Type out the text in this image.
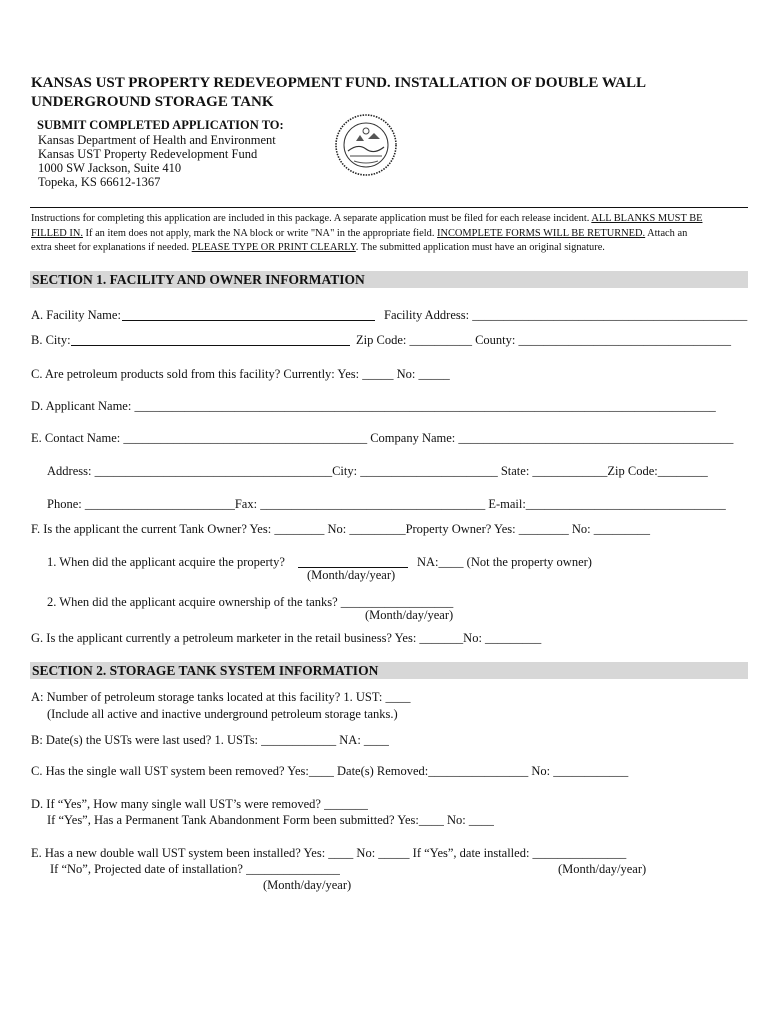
KANSAS UST PROPERTY REDEVEOPMENT FUND. INSTALLATION OF DOUBLE WALL
UNDERGROUND STORAGE TANK
SUBMIT COMPLETED APPLICATION TO:
Kansas Department of Health and Environment
Kansas UST Property Redevelopment Fund
1000 SW Jackson, Suite 410
Topeka, KS 66612-1367
Instructions for completing this application are included in this package. A separate application must be filed for each release incident. ALL BLANKS MUST BE
FILLED IN. If an item does not apply, mark the NA block or write "NA" in the appropriate field. INCOMPLETE FORMS WILL BE RETURNED. Attach an
extra sheet for explanations if needed. PLEASE TYPE OR PRINT CLEARLY. The submitted application must have an original signature.
SECTION 1. FACILITY AND OWNER INFORMATION
A. Facility Name:	Facility Address: ____________________________________________
B. City:	Zip Code: __________ County: __________________________________
C. Are petroleum products sold from this facility? Currently: Yes: _____ No: _____
D. Applicant Name: _____________________________________________________________________________________________
E. Contact Name: _______________________________________ Company Name: ____________________________________________
Address: ______________________________________City: ______________________ State: ____________Zip Code:________
Phone: ________________________Fax: ____________________________________ E-mail:________________________________
F. Is the applicant the current Tank Owner? Yes: ________ No: _________Property Owner? Yes: ________ No: _________
1. When did the applicant acquire the property?	NA:____ (Not the property owner)
(Month/day/year)
2. When did the applicant acquire ownership of the tanks? __________________
(Month/day/year)
G. Is the applicant currently a petroleum marketer in the retail business? Yes: _______No: _________
SECTION 2. STORAGE TANK SYSTEM INFORMATION
A: Number of petroleum storage tanks located at this facility? 1. UST: ____
(Include all active and inactive underground petroleum storage tanks.)
B: Date(s) the USTs were last used? 1. USTs: ____________ NA: ____
C. Has the single wall UST system been removed? Yes:____ Date(s) Removed:________________ No: ____________
D. If “Yes”, How many single wall UST’s were removed? _______
If “Yes”, Has a Permanent Tank Abandonment Form been submitted? Yes:____ No: ____
E. Has a new double wall UST system been installed? Yes: ____ No: _____ If “Yes”, date installed: _______________
If “No”, Projected date of installation? _______________	(Month/day/year)
(Month/day/year)
